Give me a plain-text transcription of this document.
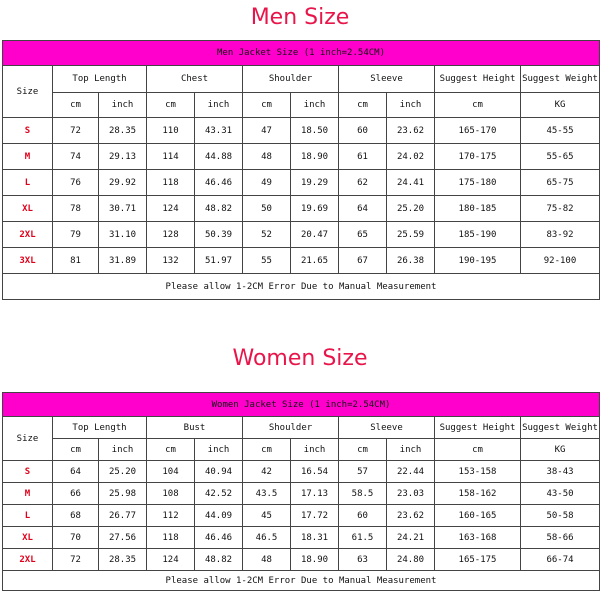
Men Size
Men Jacket Size (1 inch=2.54CM)										
Size	Top Length		Chest		Shoulder		Sleeve		Suggest Height	Suggest Weight
	cm	inch	cm	inch	cm	inch	cm	inch	cm	KG
S	72	28.35	110	43.31	47	18.50	60	23.62	165-170	45-55
M	74	29.13	114	44.88	48	18.90	61	24.02	170-175	55-65
L	76	29.92	118	46.46	49	19.29	62	24.41	175-180	65-75
XL	78	30.71	124	48.82	50	19.69	64	25.20	180-185	75-82
2XL	79	31.10	128	50.39	52	20.47	65	25.59	185-190	83-92
3XL	81	31.89	132	51.97	55	21.65	67	26.38	190-195	92-100
Please allow 1-2CM Error Due to Manual Measurement										
Women Size
Women Jacket Size (1 inch=2.54CM)										
Size	Top Length		Bust		Shoulder		Sleeve		Suggest Height	Suggest Weight
	cm	inch	cm	inch	cm	inch	cm	inch	cm	KG
S	64	25.20	104	40.94	42	16.54	57	22.44	153-158	38-43
M	66	25.98	108	42.52	43.5	17.13	58.5	23.03	158-162	43-50
L	68	26.77	112	44.09	45	17.72	60	23.62	160-165	50-58
XL	70	27.56	118	46.46	46.5	18.31	61.5	24.21	163-168	58-66
2XL	72	28.35	124	48.82	48	18.90	63	24.80	165-175	66-74
Please allow 1-2CM Error Due to Manual Measurement										
